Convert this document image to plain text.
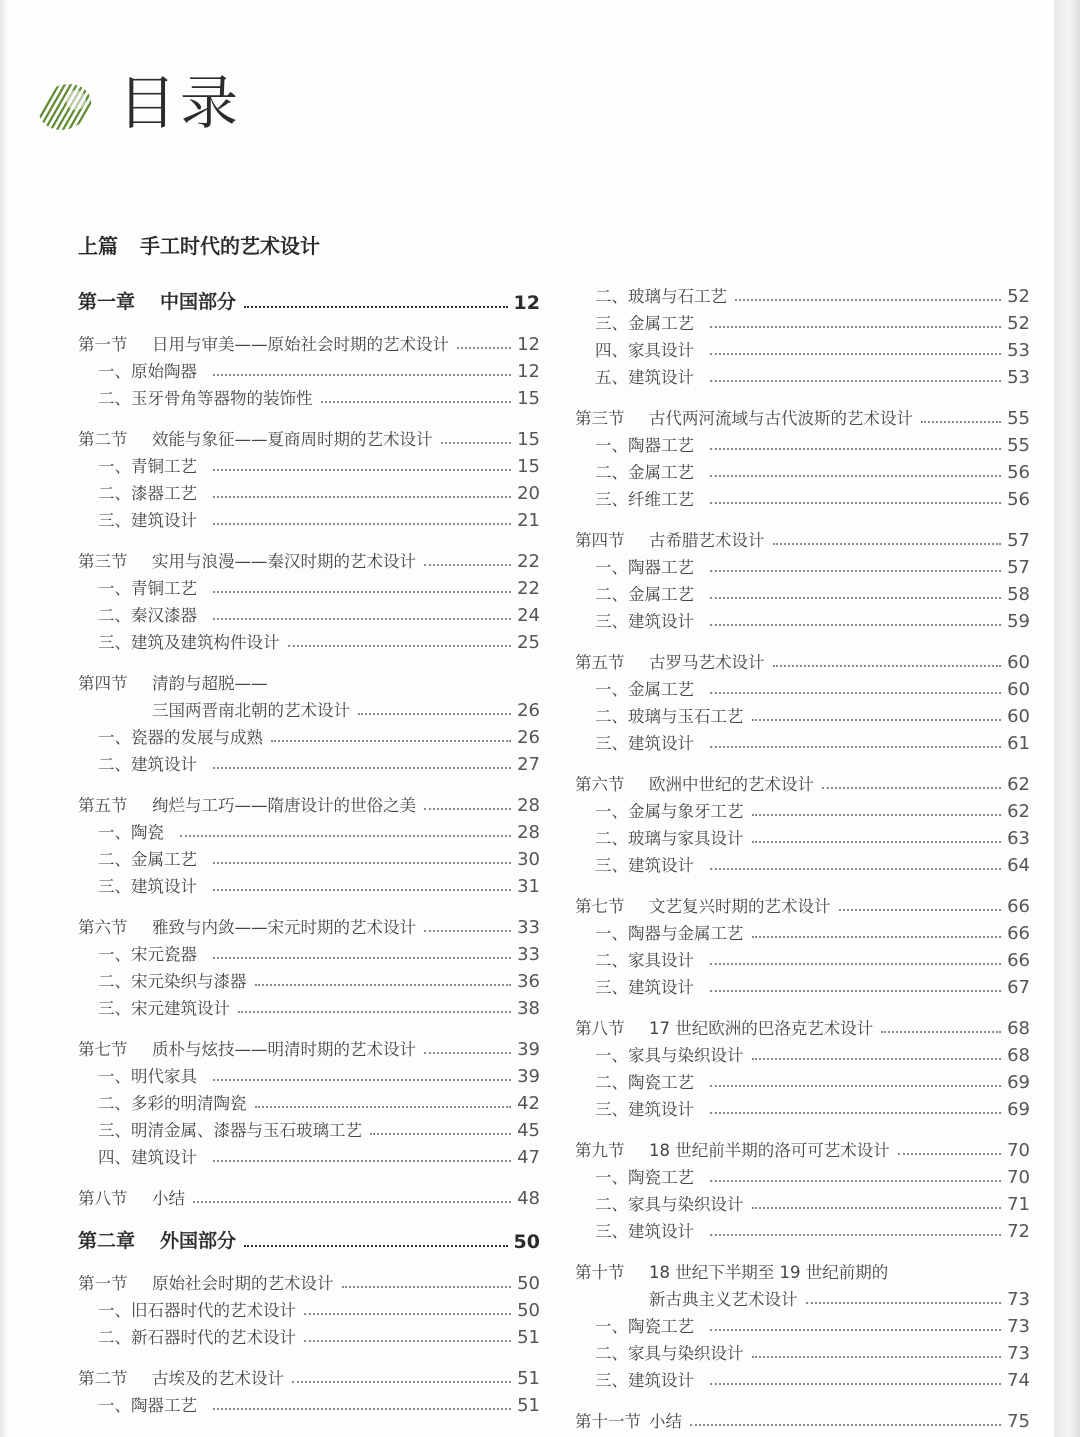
目录
上篇 手工时代的艺术设计
第一章 中国部分	12
第一节 日用与审美——原始社会时期的艺术设计	12
一、原始陶器	12
二、玉牙骨角等器物的装饰性	15
第二节 效能与象征——夏商周时期的艺术设计	15
一、青铜工艺	15
二、漆器工艺	20
三、建筑设计	21
第三节 实用与浪漫——秦汉时期的艺术设计	22
一、青铜工艺	22
二、秦汉漆器	24
三、建筑及建筑构件设计	25
第四节 清韵与超脱——
三国两晋南北朝的艺术设计	26
一、瓷器的发展与成熟	26
二、建筑设计	27
第五节 绚烂与工巧——隋唐设计的世俗之美	28
一、陶瓷	28
二、金属工艺	30
三、建筑设计	31
第六节 雅致与内敛——宋元时期的艺术设计	33
一、宋元瓷器	33
二、宋元染织与漆器	36
三、宋元建筑设计	38
第七节 质朴与炫技——明清时期的艺术设计	39
一、明代家具	39
二、多彩的明清陶瓷	42
三、明清金属、漆器与玉石玻璃工艺	45
四、建筑设计	47
第八节 小结	48
第二章 外国部分	50
第一节 原始社会时期的艺术设计	50
一、旧石器时代的艺术设计	50
二、新石器时代的艺术设计	51
第二节 古埃及的艺术设计	51
一、陶器工艺	51
二、玻璃与石工艺	52
三、金属工艺	52
四、家具设计	53
五、建筑设计	53
第三节 古代两河流域与古代波斯的艺术设计	55
一、陶器工艺	55
二、金属工艺	56
三、纤维工艺	56
第四节 古希腊艺术设计	57
一、陶器工艺	57
二、金属工艺	58
三、建筑设计	59
第五节 古罗马艺术设计	60
一、金属工艺	60
二、玻璃与玉石工艺	60
三、建筑设计	61
第六节 欧洲中世纪的艺术设计	62
一、金属与象牙工艺	62
二、玻璃与家具设计	63
三、建筑设计	64
第七节 文艺复兴时期的艺术设计	66
一、陶器与金属工艺	66
二、家具设计	66
三、建筑设计	67
第八节 17 世纪欧洲的巴洛克艺术设计	68
一、家具与染织设计	68
二、陶瓷工艺	69
三、建筑设计	69
第九节 18 世纪前半期的洛可可艺术设计	70
一、陶瓷工艺	70
二、家具与染织设计	71
三、建筑设计	72
第十节 18 世纪下半期至 19 世纪前期的
新古典主义艺术设计	73
一、陶瓷工艺	73
二、家具与染织设计	73
三、建筑设计	74
第十一节 小结	75
